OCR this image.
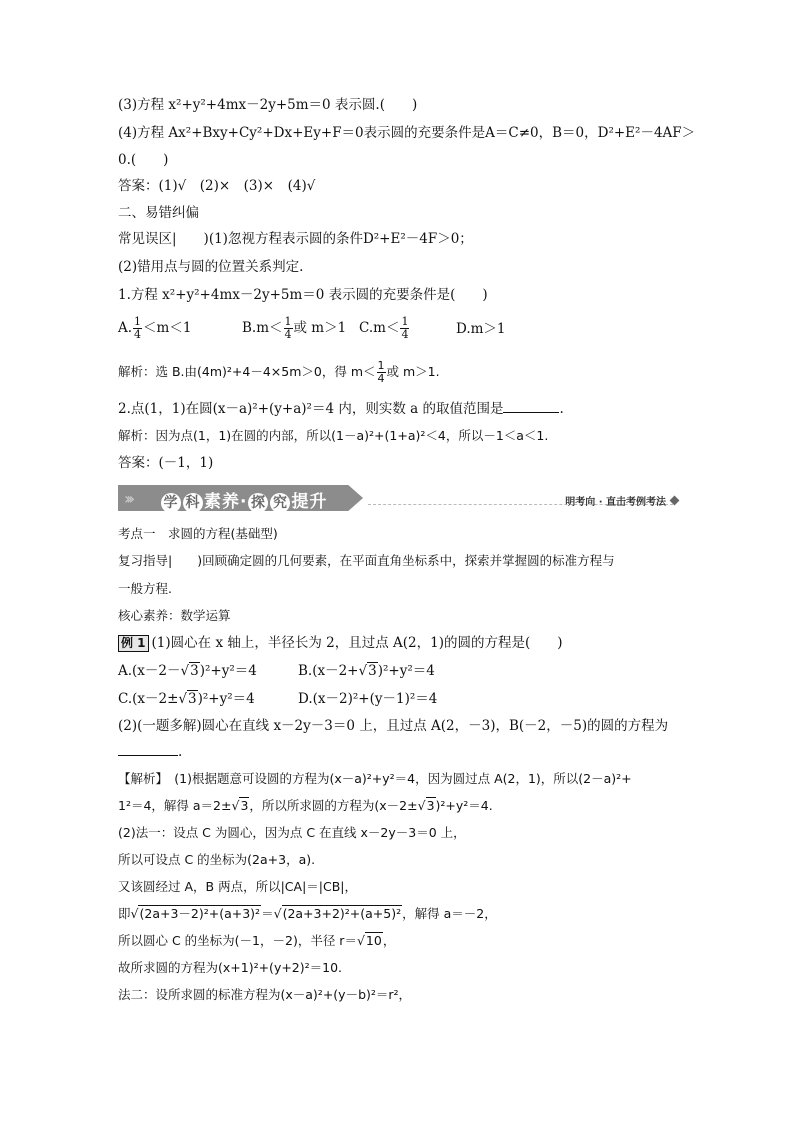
(3)方程 x²+y²+4mx－2y+5m＝0 表示圆.(　　)
(4)方程 Ax²+Bxy+Cy²+Dx+Ey+F＝0表示圆的充要条件是A＝C≠0，B＝0，D²+E²－4AF＞
0.(　　)
答案：(1)√　(2)×　(3)×　(4)√
二、易错纠偏
常见误区|　　)(1)忽视方程表示圆的条件D²+E²－4F＞0；
(2)错用点与圆的位置关系判定.
1.方程 x²+y²+4mx－2y+5m＝0 表示圆的充要条件是(　　)
A. $\frac{1}{4} <m<1$	$B.m< \frac{1}{4}$ 或 m＞1 $C.m< \frac{1}{4}$	D.m＞1
解析：选 B.由(4m)²+4－4×5m＞0，得 $m< \frac{1}{4}$ 或 m＞1.
2.点(1，1)在圆(x－a)²+(y+a)²＝4 内，则实数 a 的取值范围是	.
解析：因为点(1，1)在圆的内部，所以(1－a)²+(1+a)²＜4，所以－1＜a＜1.
答案：(－1，1)
››› 学 科 素养· 探 究 提升	明考向 · 直击考例考法
考点一　求圆的方程(基础型)
复习指导|　　)回顾确定圆的几何要素，在平面直角坐标系中，探索并掌握圆的标准方程与
一般方程.
核心素养：数学运算
例 1 (1)圆心在 x 轴上，半径长为 2，且过点 A(2，1)的圆的方程是(　　)
A.(x－2－√3)²+y²＝4	B.(x－2+√3)²+y²＝4
C.(x－2±√3)²+y²＝4	D.(x－2)²+(y－1)²＝4
(2)(一题多解)圆心在直线 x－2y－3＝0 上，且过点 A(2，－3)，B(－2，－5)的圆的方程为
.
【解析】　(1)根据题意可设圆的方程为(x－a)²+y²＝4，因为圆过点 A(2，1)，所以(2－a)²+
1²＝4，解得 a＝2±√3，所以所求圆的方程为(x－2±√3)²+y²＝4.
(2)法一：设点 C 为圆心，因为点 C 在直线 x－2y－3＝0 上，
所以可设点 C 的坐标为(2a+3，a).
又该圆经过 A，B 两点，所以|CA|＝|CB|，
即√(2a+3－2)²+(a+3)²＝√(2a+3+2)²+(a+5)²，解得 a＝－2，
所以圆心 C 的坐标为(－1，－2)，半径 r＝√10，
故所求圆的方程为(x+1)²+(y+2)²＝10.
法二：设所求圆的标准方程为(x－a)²+(y－b)²＝r²，
